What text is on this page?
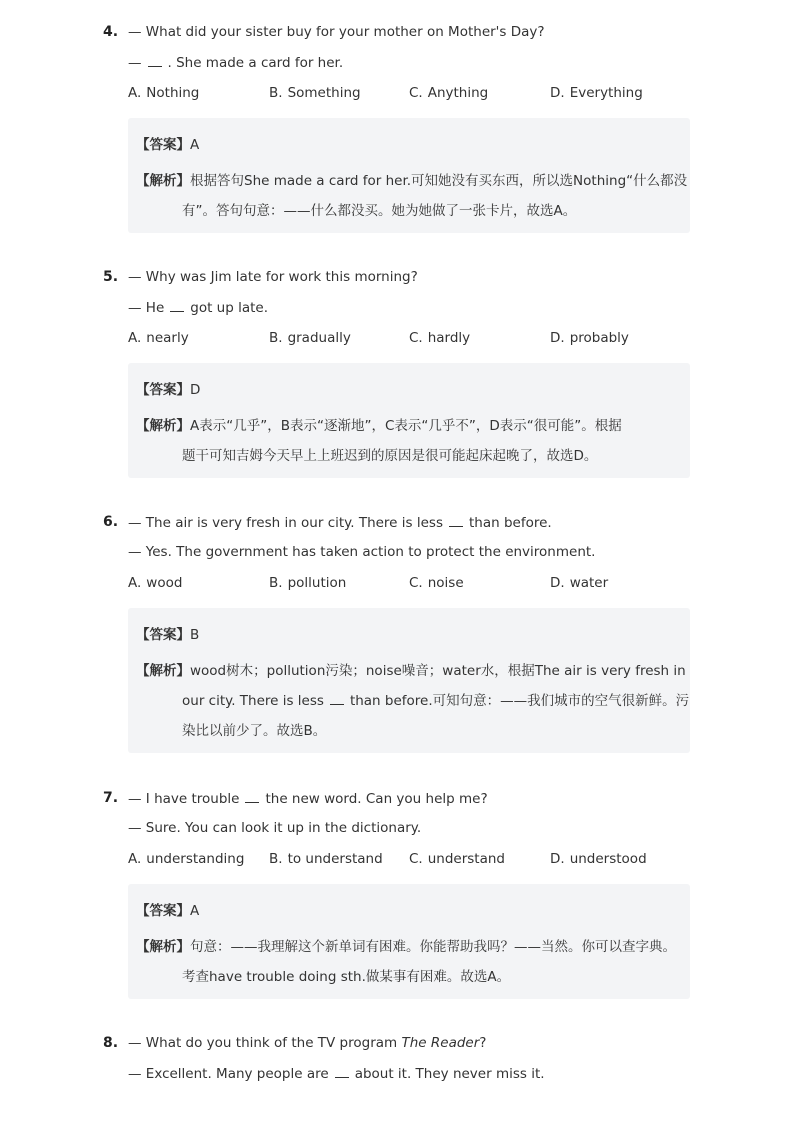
4. — What did your sister buy for your mother on Mother's Day?
— . She made a card for her.
A. Nothing	B. Something	C. Anything	D. Everything
【答案】A
【解析】根据答句She made a card for her.可知她没有买东西，所以选Nothing“什么都没
有”。答句句意：——什么都没买。她为她做了一张卡片，故选A。
5. — Why was Jim late for work this morning?
— He got up late.
A. nearly	B. gradually	C. hardly	D. probably
【答案】D
【解析】A表示“几乎”，B表示“逐渐地”，C表示“几乎不”，D表示“很可能”。根据
题干可知吉姆今天早上上班迟到的原因是很可能起床起晚了，故选D。
6. — The air is very fresh in our city. There is less than before.
— Yes. The government has taken action to protect the environment.
A. wood	B. pollution	C. noise	D. water
【答案】B
【解析】wood树木；pollution污染；noise噪音；water水，根据The air is very fresh in
our city. There is less than before.可知句意：——我们城市的空气很新鲜。污
染比以前少了。故选B。
7. — I have trouble the new word. Can you help me?
— Sure. You can look it up in the dictionary.
A. understanding B. to understand C. understand	D. understood
【答案】A
【解析】句意：——我理解这个新单词有困难。你能帮助我吗？——当然。你可以查字典。
考查have trouble doing sth.做某事有困难。故选A。
8. — What do you think of the TV program The Reader?
— Excellent. Many people are about it. They never miss it.
